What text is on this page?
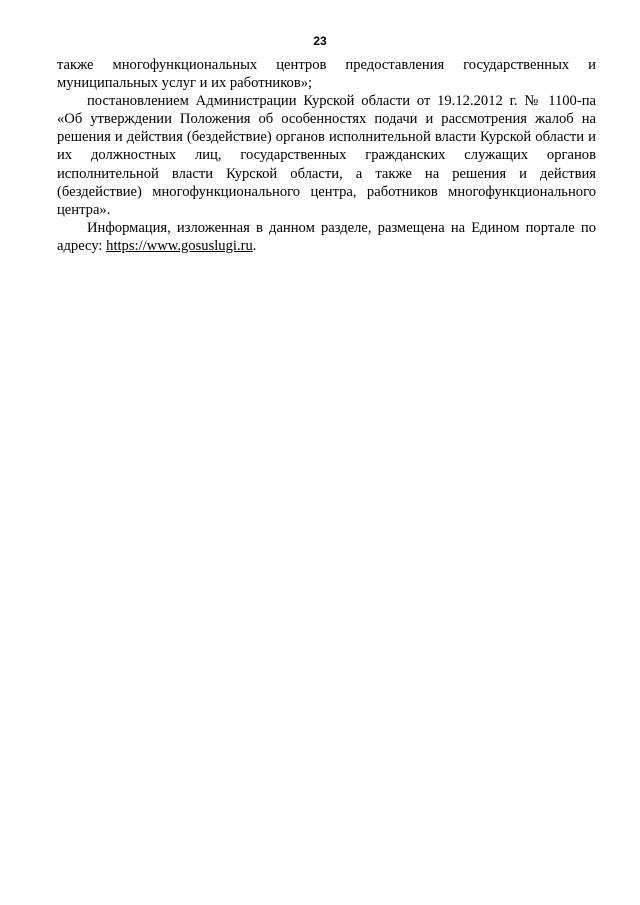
23

также многофункциональных центров предоставления государственных и муниципальных услуг и их работников»;

постановлением Администрации Курской области от 19.12.2012 г. № 1100-па «Об утверждении Положения об особенностях подачи и рассмотрения жалоб на решения и действия (бездействие) органов исполнительной власти Курской области и их должностных лиц, государственных гражданских служащих органов исполнительной власти Курской области, а также на решения и действия (бездействие) многофункционального центра, работников многофункционального центра».

Информация, изложенная в данном разделе, размещена на Едином портале по адресу: https://www.gosuslugi.ru.
